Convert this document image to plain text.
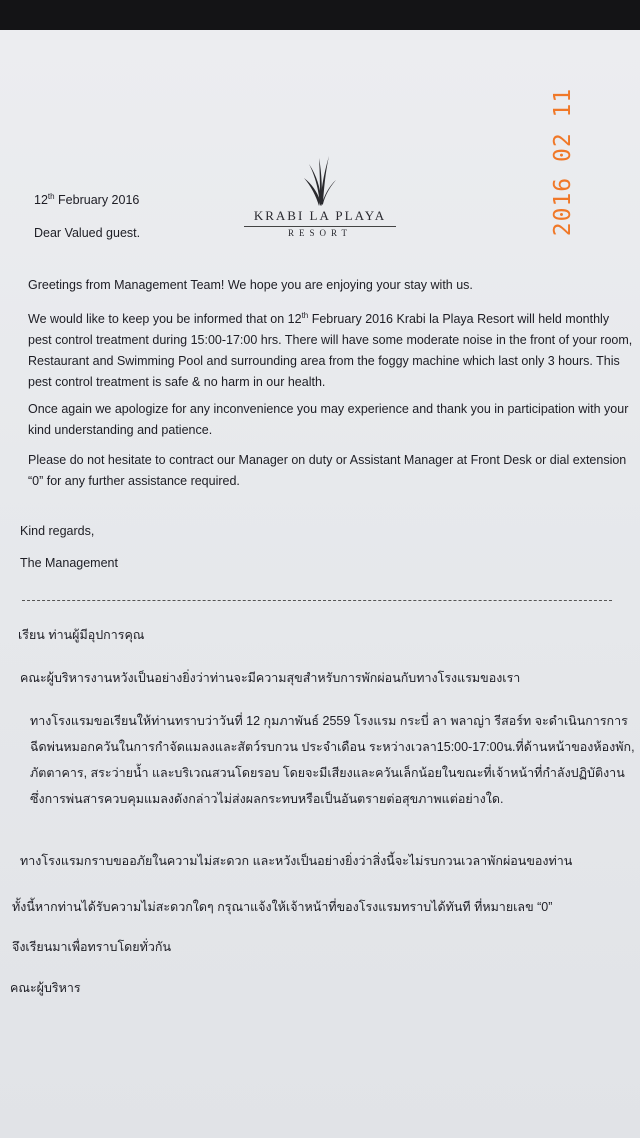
2016 02 11
KRABI LA PLAYA
RESORT
12th February 2016
Dear Valued guest.
Greetings from Management Team! We hope you are enjoying your stay with us.
We would like to keep you be informed that on 12th February 2016 Krabi la Playa Resort will held monthly pest control treatment during 15:00-17:00 hrs. There will have some moderate noise in the front of your room, Restaurant and Swimming Pool and surrounding area from the foggy machine which last only 3 hours. This pest control treatment is safe & no harm in our health.
Once again we apologize for any inconvenience you may experience and thank you in participation with your kind understanding and patience.
Please do not hesitate to contract our Manager on duty or Assistant Manager at Front Desk or dial extension “0” for any further assistance required.
Kind regards,
The Management
เรียน ท่านผู้มีอุปการคุณ
คณะผู้บริหารงานหวังเป็นอย่างยิ่งว่าท่านจะมีความสุขสำหรับการพักผ่อนกับทางโรงแรมของเรา
ทางโรงแรมขอเรียนให้ท่านทราบว่าวันที่ 12 กุมภาพันธ์ 2559 โรงแรม กระบี่ ลา พลาญ่า รีสอร์ท จะดำเนินการการฉีดพ่นหมอกควันในการกำจัดแมลงและสัตว์รบกวน ประจำเดือน ระหว่างเวลา15:00-17:00น.ที่ด้านหน้าของห้องพัก, ภัตตาคาร, สระว่ายน้ำ และบริเวณสวนโดยรอบ โดยจะมีเสียงและควันเล็กน้อยในขณะที่เจ้าหน้าที่กำลังปฏิบัติงาน ซึ่งการพ่นสารควบคุมแมลงดังกล่าวไม่ส่งผลกระทบหรือเป็นอันตรายต่อสุขภาพแต่อย่างใด.
ทางโรงแรมกราบขออภัยในความไม่สะดวก และหวังเป็นอย่างยิ่งว่าสิ่งนี้จะไม่รบกวนเวลาพักผ่อนของท่าน
ทั้งนี้หากท่านได้รับความไม่สะดวกใดๆ กรุณาแจ้งให้เจ้าหน้าที่ของโรงแรมทราบได้ทันที ที่หมายเลข “0”
จึงเรียนมาเพื่อทราบโดยทั่วกัน
คณะผู้บริหาร
